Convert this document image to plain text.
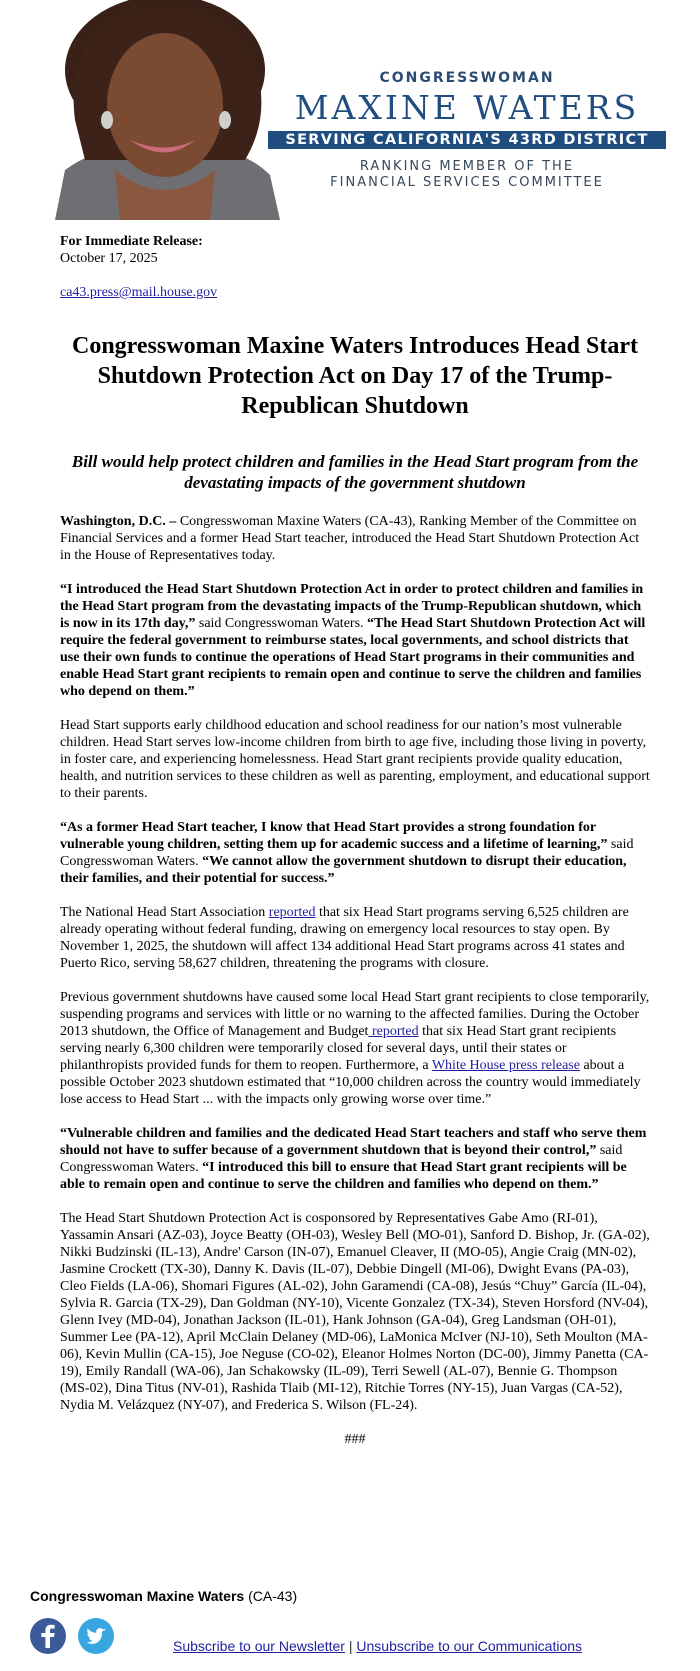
CONGRESSWOMAN
MAXINE WATERS
SERVING CALIFORNIA'S 43RD DISTRICT
RANKING MEMBER OF THE
FINANCIAL SERVICES COMMITTEE
For Immediate Release:
October 17, 2025
ca43.press@mail.house.gov
Congresswoman Maxine Waters Introduces Head Start Shutdown Protection Act on Day 17 of the Trump-Republican Shutdown
Bill would help protect children and families in the Head Start program from the devastating impacts of the government shutdown

Washington, D.C. – Congresswoman Maxine Waters (CA-43), Ranking Member of the Committee on Financial Services and a former Head Start teacher, introduced the Head Start Shutdown Protection Act in the House of Representatives today.

“I introduced the Head Start Shutdown Protection Act in order to protect children and families in the Head Start program from the devastating impacts of the Trump-Republican shutdown, which is now in its 17th day,” said Congresswoman Waters. “The Head Start Shutdown Protection Act will require the federal government to reimburse states, local governments, and school districts that use their own funds to continue the operations of Head Start programs in their communities and enable Head Start grant recipients to remain open and continue to serve the children and families who depend on them.”

Head Start supports early childhood education and school readiness for our nation’s most vulnerable children. Head Start serves low-income children from birth to age five, including those living in poverty, in foster care, and experiencing homelessness. Head Start grant recipients provide quality education, health, and nutrition services to these children as well as parenting, employment, and educational support to their parents.

“As a former Head Start teacher, I know that Head Start provides a strong foundation for vulnerable young children, setting them up for academic success and a lifetime of learning,” said Congresswoman Waters. “We cannot allow the government shutdown to disrupt their education, their families, and their potential for success.”

The National Head Start Association reported that six Head Start programs serving 6,525 children are already operating without federal funding, drawing on emergency local resources to stay open. By November 1, 2025, the shutdown will affect 134 additional Head Start programs across 41 states and Puerto Rico, serving 58,627 children, threatening the programs with closure.

Previous government shutdowns have caused some local Head Start grant recipients to close temporarily, suspending programs and services with little or no warning to the affected families. During the October 2013 shutdown, the Office of Management and Budget reported that six Head Start grant recipients serving nearly 6,300 children were temporarily closed for several days, until their states or philanthropists provided funds for them to reopen. Furthermore, a White House press release about a possible October 2023 shutdown estimated that “10,000 children across the country would immediately lose access to Head Start ... with the impacts only growing worse over time.”

“Vulnerable children and families and the dedicated Head Start teachers and staff who serve them should not have to suffer because of a government shutdown that is beyond their control,” said Congresswoman Waters. “I introduced this bill to ensure that Head Start grant recipients will be able to remain open and continue to serve the children and families who depend on them.”

The Head Start Shutdown Protection Act is cosponsored by Representatives Gabe Amo (RI-01), Yassamin Ansari (AZ-03), Joyce Beatty (OH-03), Wesley Bell (MO-01), Sanford D. Bishop, Jr. (GA-02), Nikki Budzinski (IL-13), Andre' Carson (IN-07), Emanuel Cleaver, II (MO-05), Angie Craig (MN-02), Jasmine Crockett (TX-30), Danny K. Davis (IL-07), Debbie Dingell (MI-06), Dwight Evans (PA-03), Cleo Fields (LA-06), Shomari Figures (AL-02), John Garamendi (CA-08), Jesús “Chuy” García (IL-04), Sylvia R. Garcia (TX-29), Dan Goldman (NY-10), Vicente Gonzalez (TX-34), Steven Horsford (NV-04), Glenn Ivey (MD-04), Jonathan Jackson (IL-01), Hank Johnson (GA-04), Greg Landsman (OH-01), Summer Lee (PA-12), April McClain Delaney (MD-06), LaMonica McIver (NJ-10), Seth Moulton (MA-06), Kevin Mullin (CA-15), Joe Neguse (CO-02), Eleanor Holmes Norton (DC-00), Jimmy Panetta (CA-19), Emily Randall (WA-06), Jan Schakowsky (IL-09), Terri Sewell (AL-07), Bennie G. Thompson (MS-02), Dina Titus (NV-01), Rashida Tlaib (MI-12), Ritchie Torres (NY-15), Juan Vargas (CA-52), Nydia M. Velázquez (NY-07), and Frederica S. Wilson (FL-24).

###
Congresswoman Maxine Waters (CA-43)
Subscribe to our Newsletter | Unsubscribe to our Communications
